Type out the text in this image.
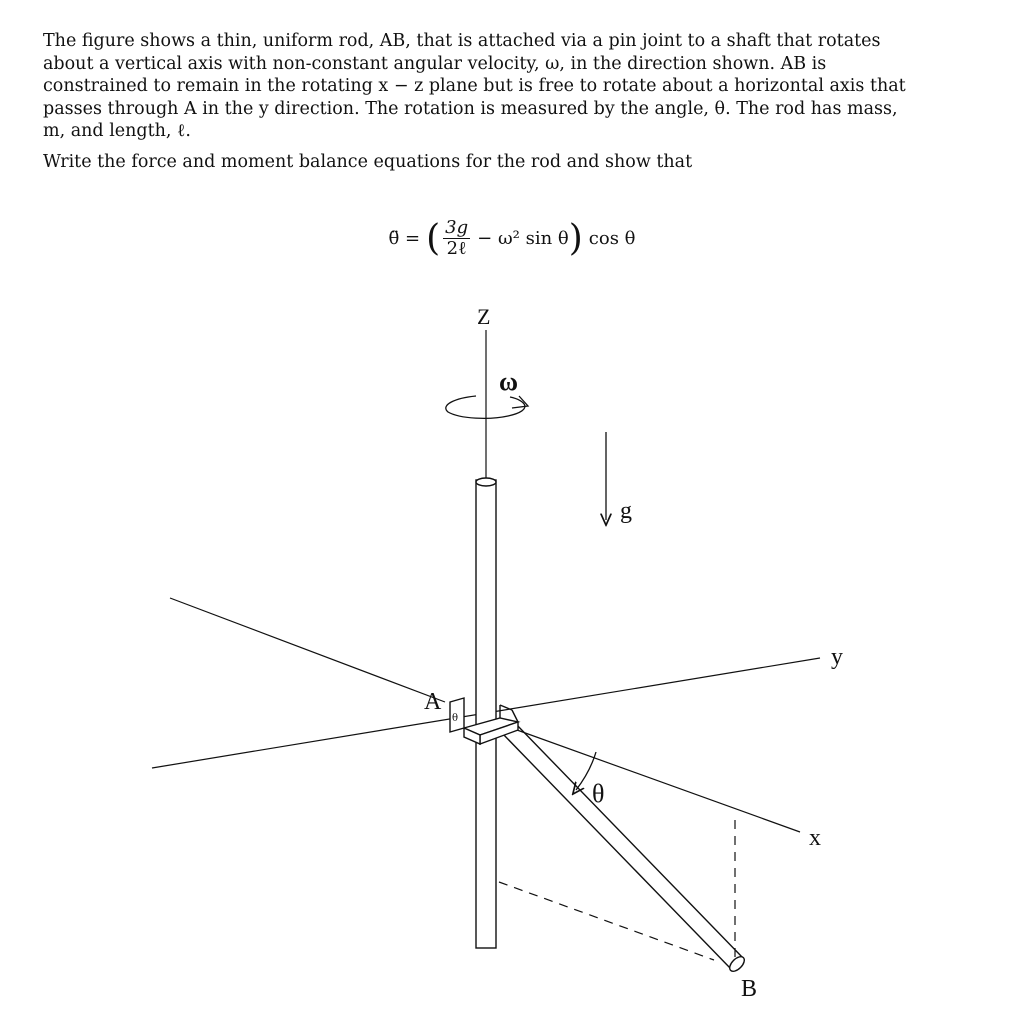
The figure shows a thin, uniform rod, AB, that is attached via a pin joint to a shaft that rotates
about a vertical axis with non-constant angular velocity, ω, in the direction shown. AB is
constrained to remain in the rotating x − z plane but is free to rotate about a horizontal axis that
passes through A in the y direction. The rotation is measured by the angle, θ. The rod has mass,
m, and length, ℓ.

Write the force and moment balance equations for the rod and show that

θ̈ = ( $\frac{3g}{\text{2ℓ}} - \omega^2$ sin θ ) cos θ
θ
Z
ω
g
y
x
A
θ
B
